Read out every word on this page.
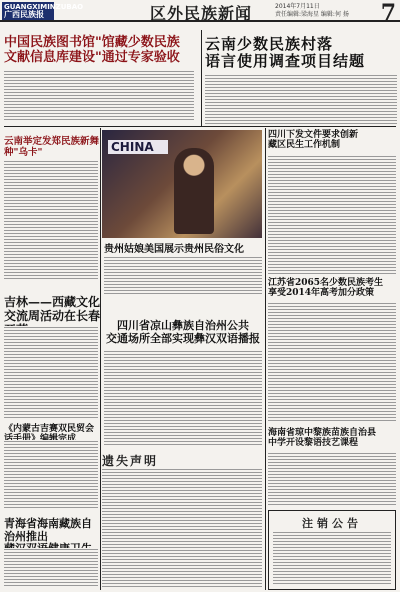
GUANGXIMINZUBAO
广西民族报	区外民族新闻	2014年7月11日
责任编辑:梁海星 编辑:何 扬 7
中国民族图书馆"馆藏少数民族
文献信息库建设"通过专家验收
云南少数民族村落
语言使用调查项目结题
云南举定发郑民族新舞种"乌卡"	CHINA
贵州姑娘美国展示贵州民俗文化
四川下发文件要求创新
藏区民生工作机制
吉林——西藏文化
交流周活动在长春
四川省凉山彝族自治州公共
交通场所全部实现彝汉双语播报
江苏省2065名少数民族考生
享受2014年高考加分政策
《内蒙古吉赛双民贸会	海南省琼中黎族苗族自治县
中学开设黎语技艺课程
青海省海南藏族自治州推出
遗失声明
注销公告
